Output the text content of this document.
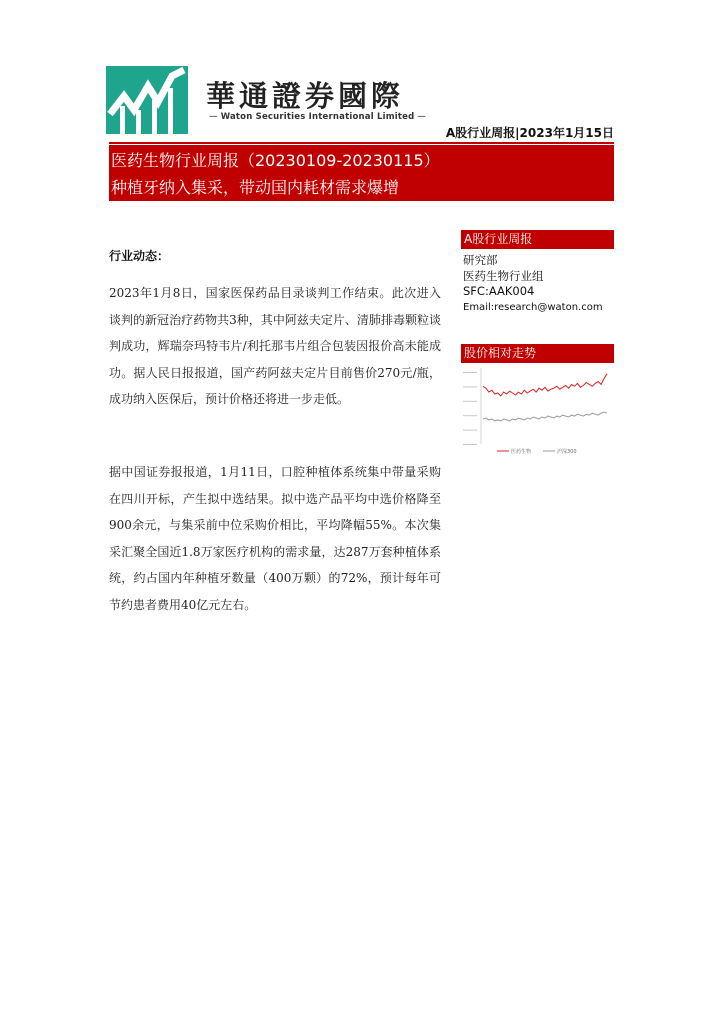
華通證券國際
— Waton Securities International Limited —
A股行业周报|2023年1月15日
医药生物行业周报（20230109-20230115）
种植牙纳入集采，带动国内耗材需求爆增
行业动态：
2023年1月8日，国家医保药品目录谈判工作结束。此次进入谈判的新冠治疗药物共3种，其中阿兹夫定片、清肺排毒颗粒谈判成功，辉瑞奈玛特韦片/利托那韦片组合包装因报价高未能成功。据人民日报报道，国产药阿兹夫定片目前售价270元/瓶，成功纳入医保后，预计价格还将进一步走低。
据中国证券报报道，1月11日，口腔种植体系统集中带量采购在四川开标，产生拟中选结果。拟中选产品平均中选价格降至900余元，与集采前中位采购价相比，平均降幅55%。本次集采汇聚全国近1.8万家医疗机构的需求量，达287万套种植体系统，约占国内年种植牙数量（400万颗）的72%，预计每年可节约患者费用40亿元左右。
A股行业周报
研究部
医药生物行业组
SFC:AAK004
Email:research@waton.com
股价相对走势
医药生物	沪深300
